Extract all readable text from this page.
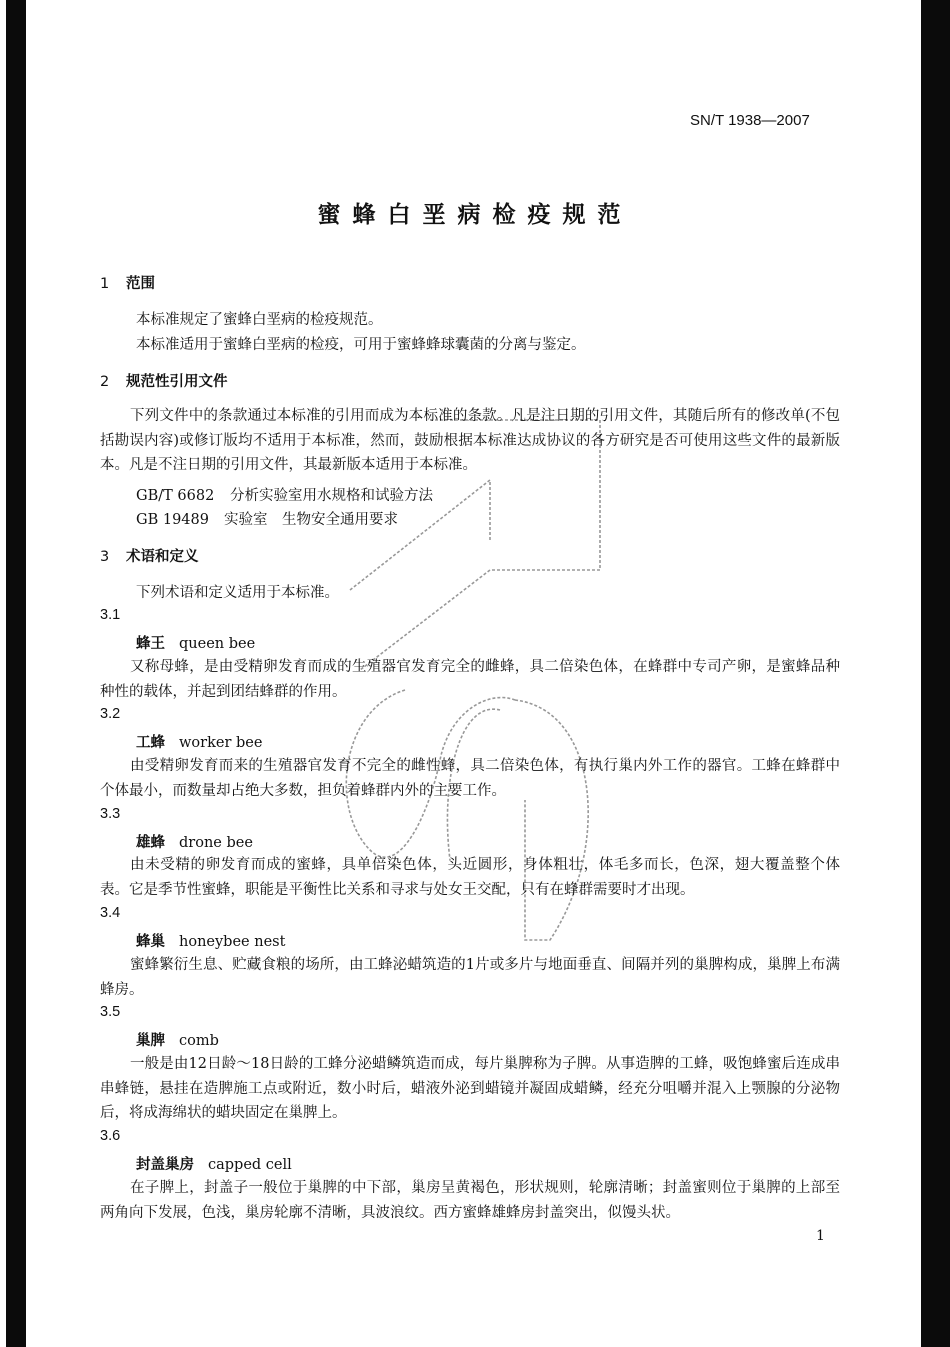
SN/T 1938—2007
蜜蜂白垩病检疫规范
1 范围
本标准规定了蜜蜂白垩病的检疫规范。
本标准适用于蜜蜂白垩病的检疫，可用于蜜蜂蜂球囊菌的分离与鉴定。
2 规范性引用文件
下列文件中的条款通过本标准的引用而成为本标准的条款。凡是注日期的引用文件，其随后所有的修改单(不包括勘误内容)或修订版均不适用于本标准，然而，鼓励根据本标准达成协议的各方研究是否可使用这些文件的最新版本。凡是不注日期的引用文件，其最新版本适用于本标准。
GB/T 6682 分析实验室用水规格和试验方法
GB 19489 实验室　生物安全通用要求
3 术语和定义
下列术语和定义适用于本标准。
3.1
蜂王 queen bee
又称母蜂，是由受精卵发育而成的生殖器官发育完全的雌蜂，具二倍染色体，在蜂群中专司产卵，是蜜蜂品种种性的载体，并起到团结蜂群的作用。
3.2
工蜂 worker bee
由受精卵发育而来的生殖器官发育不完全的雌性蜂，具二倍染色体，有执行巢内外工作的器官。工蜂在蜂群中个体最小，而数量却占绝大多数，担负着蜂群内外的主要工作。
3.3
雄蜂 drone bee
由未受精的卵发育而成的蜜蜂，具单倍染色体，头近圆形，身体粗壮，体毛多而长，色深，翅大覆盖整个体表。它是季节性蜜蜂，职能是平衡性比关系和寻求与处女王交配，只有在蜂群需要时才出现。
3.4
蜂巢 honeybee nest
蜜蜂繁衍生息、贮藏食粮的场所，由工蜂泌蜡筑造的1片或多片与地面垂直、间隔并列的巢脾构成，巢脾上布满蜂房。
3.5
巢脾 comb
一般是由12日龄～18日龄的工蜂分泌蜡鳞筑造而成，每片巢脾称为子脾。从事造脾的工蜂，吸饱蜂蜜后连成串串蜂链，悬挂在造脾施工点或附近，数小时后，蜡液外泌到蜡镜并凝固成蜡鳞，经充分咀嚼并混入上颚腺的分泌物后，将成海绵状的蜡块固定在巢脾上。
3.6
封盖巢房 capped cell
在子脾上，封盖子一般位于巢脾的中下部，巢房呈黄褐色，形状规则，轮廓清晰；封盖蜜则位于巢脾的上部至两角向下发展，色浅，巢房轮廓不清晰，具波浪纹。西方蜜蜂雄蜂房封盖突出，似馒头状。
1
